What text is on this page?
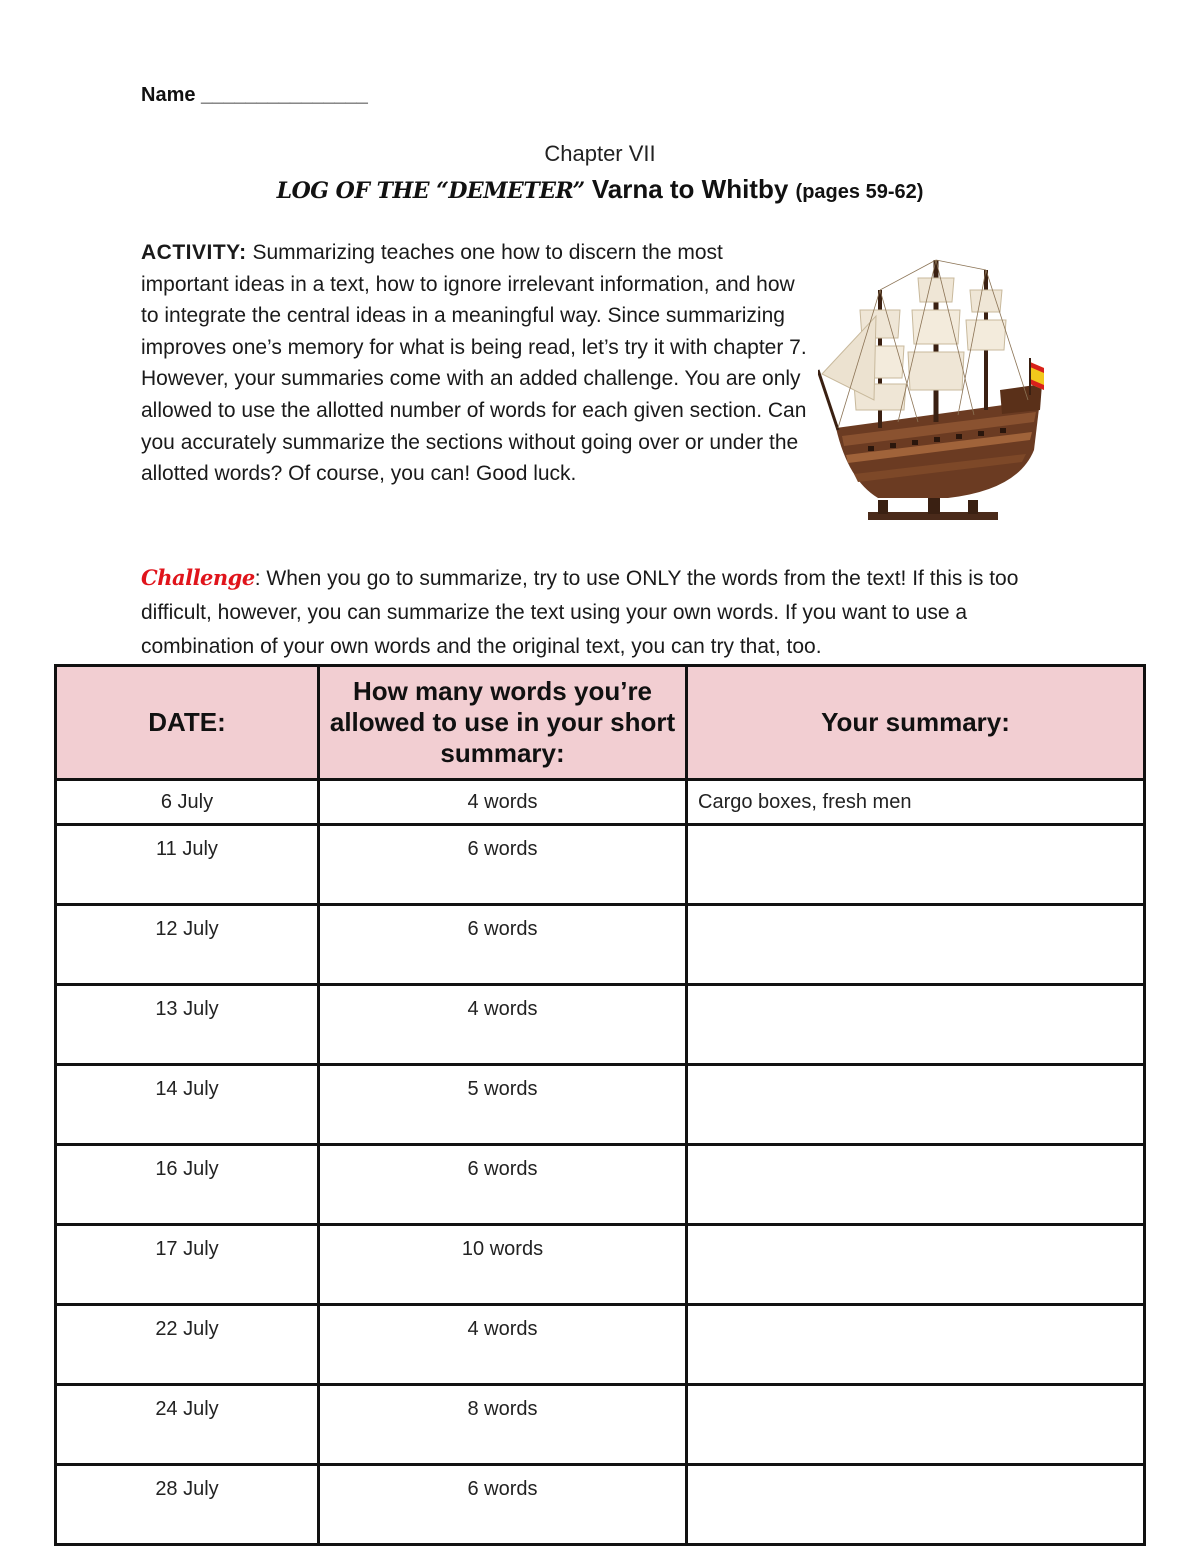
Name _______________
Chapter VII
LOG OF THE “DEMETER” Varna to Whitby (pages 59-62)
ACTIVITY: Summarizing teaches one how to discern the most important ideas in a text, how to ignore irrelevant information, and how to integrate the central ideas in a meaningful way. Since summarizing improves one’s memory for what is being read, let’s try it with chapter 7. However, your summaries come with an added challenge. You are only allowed to use the allotted number of words for each given section. Can you accurately summarize the sections without going over or under the allotted words? Of course, you can! Good luck.
Challenge: When you go to summarize, try to use ONLY the words from the text! If this is too difficult, however, you can summarize the text using your own words. If you want to use a combination of your own words and the original text, you can try that, too.
DATE:	How many words you’re allowed to use in your short summary:	Your summary:
6 July	4 words	Cargo boxes, fresh men
11 July	6 words	
12 July	6 words	
13 July	4 words	
14 July	5 words	
16 July	6 words	
17 July	10 words	
22 July	4 words	
24 July	8 words	
28 July	6 words	
